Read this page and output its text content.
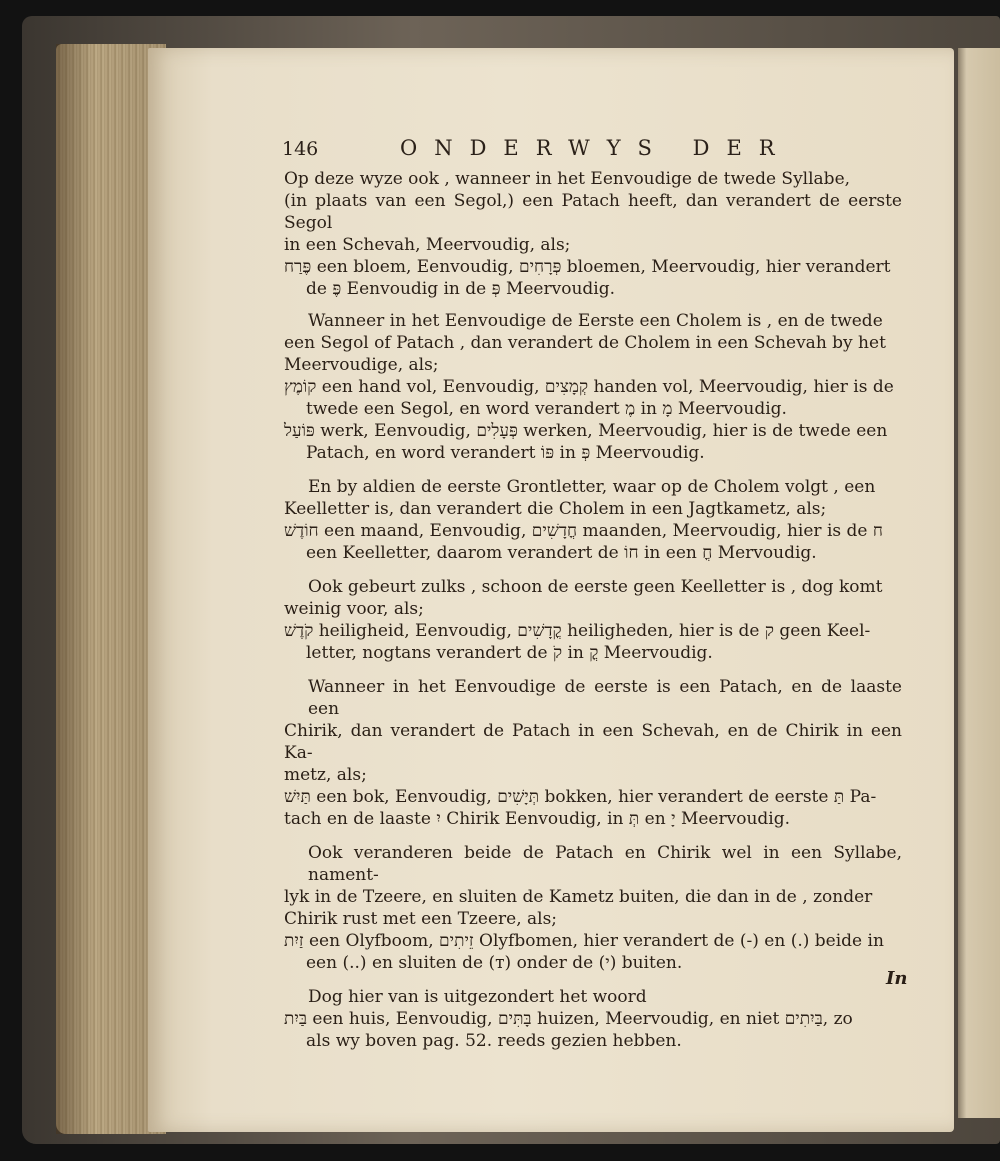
146	ONDERWYS DER

Op deze wyze ook , wanneer in het Eenvoudige de twede Syllabe,

(in plaats van een Segol,) een Patach heeft, dan verandert de eerste Segol

in een Schevah, Meervoudig, als;

פֶּרַח een bloem, Eenvoudig, פְּרָחִים bloemen, Meervoudig, hier verandert

de פֶּ Eenvoudig in de פְּ Meervoudig.

Wanneer in het Eenvoudige de Eerste een Cholem is , en de twede

een Segol of Patach , dan verandert de Cholem in een Schevah by het

Meervoudige, als;

קוֹמֶץ een hand vol, Eenvoudig, קְמָצִים handen vol, Meervoudig, hier is de

twede een Segol, en word verandert מֶ in מָ Meervoudig.

פּוֹעַל werk, Eenvoudig, פְּעָלִים werken, Meervoudig, hier is de twede een

Patach, en word verandert פּוֹ in פְּ Meervoudig.

En by aldien de eerste Grontletter, waar op de Cholem volgt , een

Keelletter is, dan verandert die Cholem in een Jagtkametz, als;

חוֹדֶשׁ een maand, Eenvoudig, חֳדָשִׁים maanden, Meervoudig, hier is de ח

een Keelletter, daarom verandert de חוֹ in een חֳ Mervoudig.

Ook gebeurt zulks , schoon de eerste geen Keelletter is , dog komt

weinig voor, als;

קֹדֶשׁ heiligheid, Eenvoudig, קֳדָשִׁים heiligheden, hier is de ק geen Keel-

letter, nogtans verandert de קֹ in קֳ Meervoudig.

Wanneer in het Eenvoudige de eerste is een Patach, en de laaste een

Chirik, dan verandert de Patach in een Schevah, en de Chirik in een Ka-

metz, als;

תַּיִשׁ een bok, Eenvoudig, תְּיָשִׁים bokken, hier verandert de eerste תַּ Pa-

tach en de laaste יִ Chirik Eenvoudig, in תְּ en יָ Meervoudig.

Ook veranderen beide de Patach en Chirik wel in een Syllabe, nament-

lyk in de Tzeere, en sluiten de Kametz buiten, die dan in de , zonder

Chirik rust met een Tzeere, als;

זַיִת een Olyfboom, זֵיתִים Olyfbomen, hier verandert de (-) en (.) beide in

een (..) en sluiten de (т) onder de (י) buiten.

Dog hier van is uitgezondert het woord

בַּיִת een huis, Eenvoudig, בָּתִּים huizen, Meervoudig, en niet בַּיִתִים, zo

als wy boven pag. 52. reeds gezien hebben.

In
